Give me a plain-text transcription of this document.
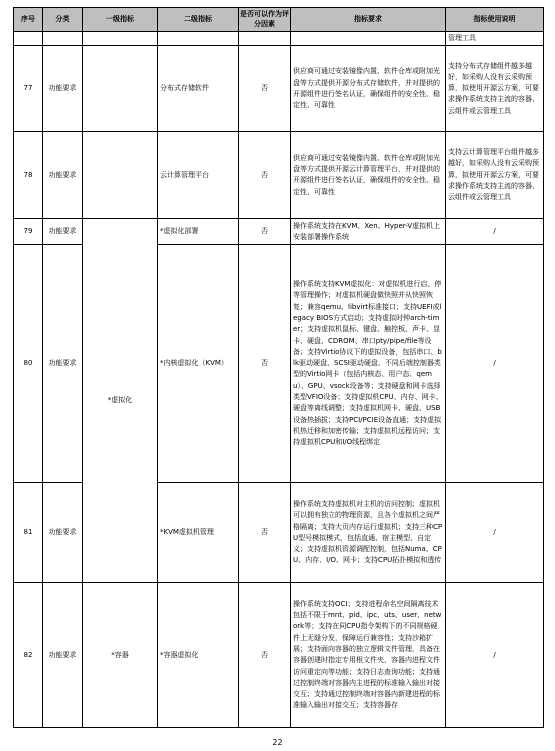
序号	分类	一级指标	二级指标	是否可以作为评分因素	指标要求	指标使用说明
						管理工具
77	功能要求		分布式存储软件	否	供应商可通过安装镜像内置、软件仓库或附加光盘等方式提供开源分布式存储软件，并对提供的开源组件进行签名认证，确保组件的安全性、稳定性、可靠性	支持分布式存储组件越多越好，如采购人没有云采购预算，拟使用开源云方案，可要求操作系统支持主流的容器、云组件或云管理工具
78	功能要求		云计算管理平台	否	供应商可通过安装镜像内置、软件仓库或附加光盘等方式提供开源云计算管理平台，并对提供的开源组件进行签名认证，确保组件的安全性、稳定性、可靠性	支持云计算管理平台组件越多越好，如采购人没有云采购预算，拟使用开源云方案，可要求操作系统支持主流的容器、云组件或云管理工具
79	功能要求	*虚拟化	*虚拟化部署	否	操作系统支持在KVM、Xen、Hyper-V虚拟机上安装部署操作系统	/
80	功能要求		*内核虚拟化（KVM）	否	操作系统支持KVM虚拟化：对虚拟机进行启、停等管理操作；对虚拟机硬盘做快照并从快照恢复；兼容qemu、libvirt标准接口；支持UEFI或legacy BIOS方式启动；支持虚拟时钟arch-timer；支持虚拟机鼠标、键盘、触控板、声卡、显卡、硬盘、CDROM、串口pty/pipe/file等设备；支持Virtio协议下的虚拟设备，包括串口、blk驱动硬盘、SCSI驱动硬盘、不同后端控制器类型的Virtio网卡（包括内核态、用户态、qemu）、GPU、vsock设备等；支持硬盘和网卡选择类型VFIO设备；支持虚拟机CPU、内存、网卡、硬盘等离线调整；支持虚拟机网卡、硬盘、USB设备热插拔；支持PCI/PCIE设备直通；支持虚拟机热迁移和加密传输；支持虚拟机远程访问；支持虚拟机CPU和I/O线程绑定	/
81	功能要求		*KVM虚拟机管理	否	操作系统支持虚拟机对主机的访问控制；虚拟机可以拥有独立的物理资源，且各个虚拟机之间严格隔离；支持大页内存运行虚拟机；支持三种CPU型号模拟模式，包括直通、宿主模型、自定义；支持虚拟机资源调配控制，包括Numa、CPU、内存、I/O、网卡；支持CPU拓扑模拟和透传	/
82	功能要求	*容器	*容器虚拟化	否	操作系统支持OCI；支持进程命名空间隔离技术包括不限于mnt、pid、ipc、uts、user、network等；支持在同CPU指令架构下的不同规格硬件上无缝分发，保障运行兼容性；支持沙箱扩展；支持面向容器的独立逻辑文件管理，具备在容器创建时指定专用根文件夹，容器内进程文件访问重定向等功能；支持日志查询功能；支持通过控制终端对容器内主进程的标准输入输出对接交互；支持通过控制终端对容器内新建进程的标准输入输出对接交互；支持容器存	/
22
